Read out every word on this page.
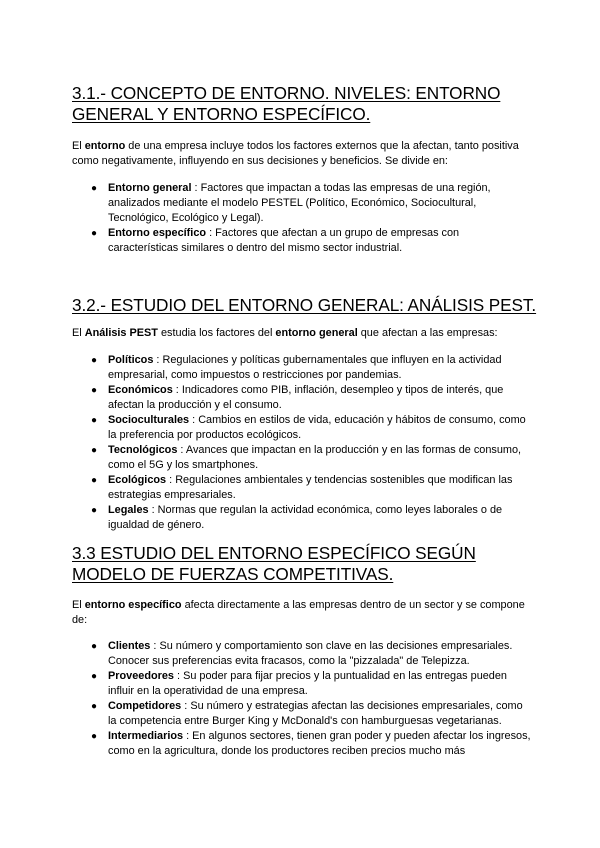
3.1.- CONCEPTO DE ENTORNO. NIVELES: ENTORNO GENERAL Y ENTORNO ESPECÍFICO.

El entorno de una empresa incluye todos los factores externos que la afectan, tanto positiva como negativamente, influyendo en sus decisiones y beneficios. Se divide en:

● Entorno general : Factores que impactan a todas las empresas de una región, analizados mediante el modelo PESTEL (Político, Económico, Sociocultural, Tecnológico, Ecológico y Legal).
● Entorno específico : Factores que afectan a un grupo de empresas con características similares o dentro del mismo sector industrial.
3.2.- ESTUDIO DEL ENTORNO GENERAL: ANÁLISIS PEST.

El Análisis PEST estudia los factores del entorno general que afectan a las empresas:

● Políticos : Regulaciones y políticas gubernamentales que influyen en la actividad empresarial, como impuestos o restricciones por pandemias.
● Económicos : Indicadores como PIB, inflación, desempleo y tipos de interés, que afectan la producción y el consumo.
● Socioculturales : Cambios en estilos de vida, educación y hábitos de consumo, como la preferencia por productos ecológicos.
● Tecnológicos : Avances que impactan en la producción y en las formas de consumo, como el 5G y los smartphones.
● Ecológicos : Regulaciones ambientales y tendencias sostenibles que modifican las estrategias empresariales.
● Legales : Normas que regulan la actividad económica, como leyes laborales o de igualdad de género.
3.3 ESTUDIO DEL ENTORNO ESPECÍFICO SEGÚN MODELO DE FUERZAS COMPETITIVAS.

El entorno específico afecta directamente a las empresas dentro de un sector y se compone de:

● Clientes : Su número y comportamiento son clave en las decisiones empresariales. Conocer sus preferencias evita fracasos, como la "pizzalada" de Telepizza.
● Proveedores : Su poder para fijar precios y la puntualidad en las entregas pueden influir en la operatividad de una empresa.
● Competidores : Su número y estrategias afectan las decisiones empresariales, como la competencia entre Burger King y McDonald's con hamburguesas vegetarianas.
● Intermediarios : En algunos sectores, tienen gran poder y pueden afectar los ingresos, como en la agricultura, donde los productores reciben precios mucho más
